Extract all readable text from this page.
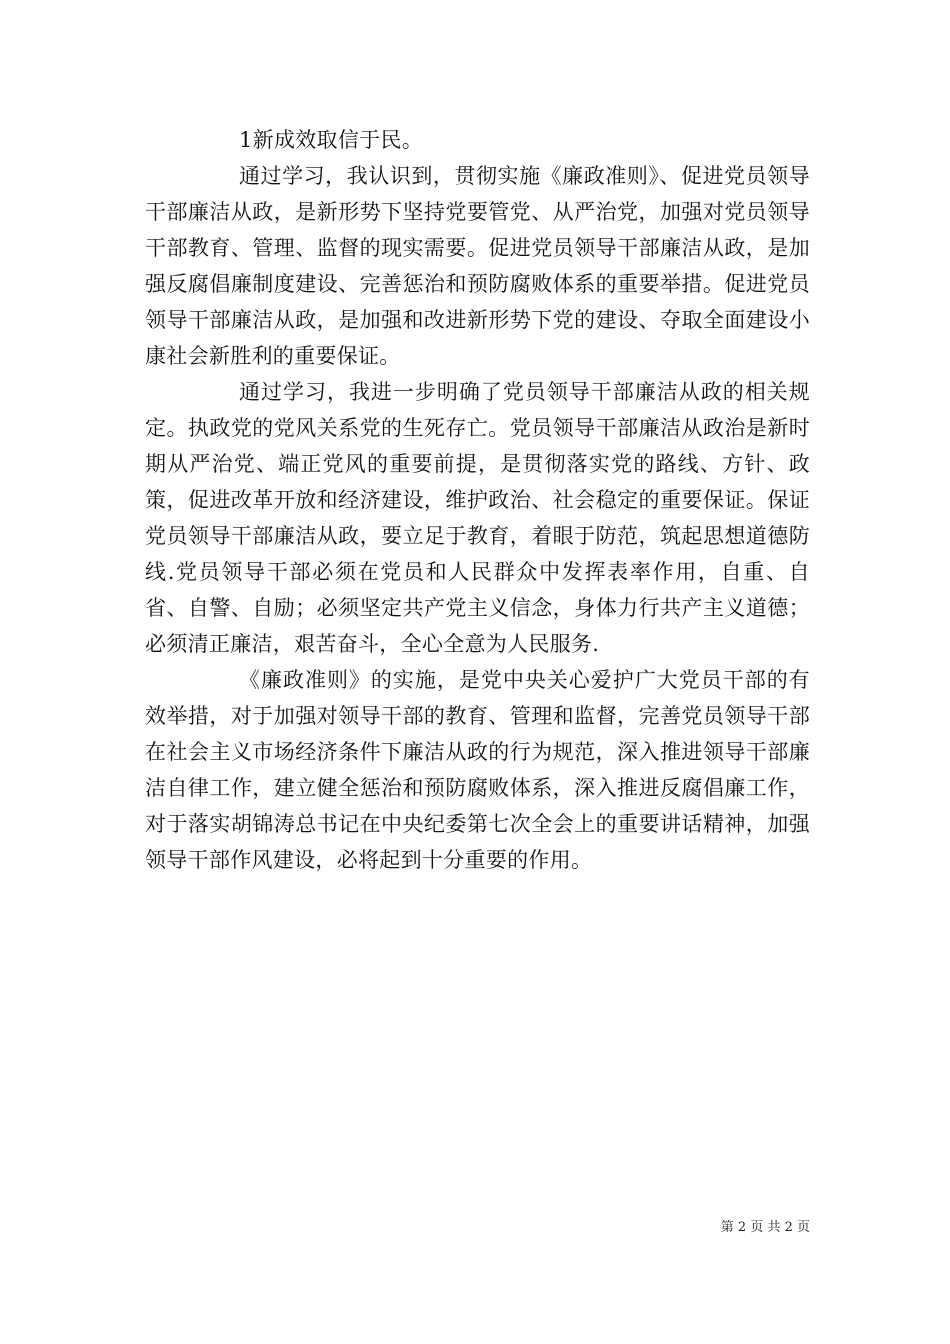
1新成效取信于民。

通过学习，我认识到，贯彻实施《廉政准则》、促进党员领导干部廉洁从政，是新形势下坚持党要管党、从严治党，加强对党员领导干部教育、管理、监督的现实需要。促进党员领导干部廉洁从政，是加强反腐倡廉制度建设、完善惩治和预防腐败体系的重要举措。促进党员领导干部廉洁从政，是加强和改进新形势下党的建设、夺取全面建设小康社会新胜利的重要保证。

通过学习，我进一步明确了党员领导干部廉洁从政的相关规定。执政党的党风关系党的生死存亡。党员领导干部廉洁从政治是新时期从严治党、端正党风的重要前提，是贯彻落实党的路线、方针、政策，促进改革开放和经济建设，维护政治、社会稳定的重要保证。保证党员领导干部廉洁从政，要立足于教育，着眼于防范，筑起思想道德防线.党员领导干部必须在党员和人民群众中发挥表率作用，自重、自省、自警、自励；必须坚定共产党主义信念，身体力行共产主义道德；必须清正廉洁，艰苦奋斗，全心全意为人民服务.

《廉政准则》的实施，是党中央关心爱护广大党员干部的有效举措，对于加强对领导干部的教育、管理和监督，完善党员领导干部在社会主义市场经济条件下廉洁从政的行为规范，深入推进领导干部廉洁自律工作，建立健全惩治和预防腐败体系，深入推进反腐倡廉工作，对于落实胡锦涛总书记在中央纪委第七次全会上的重要讲话精神，加强领导干部作风建设，必将起到十分重要的作用。

第 2 页 共 2 页
